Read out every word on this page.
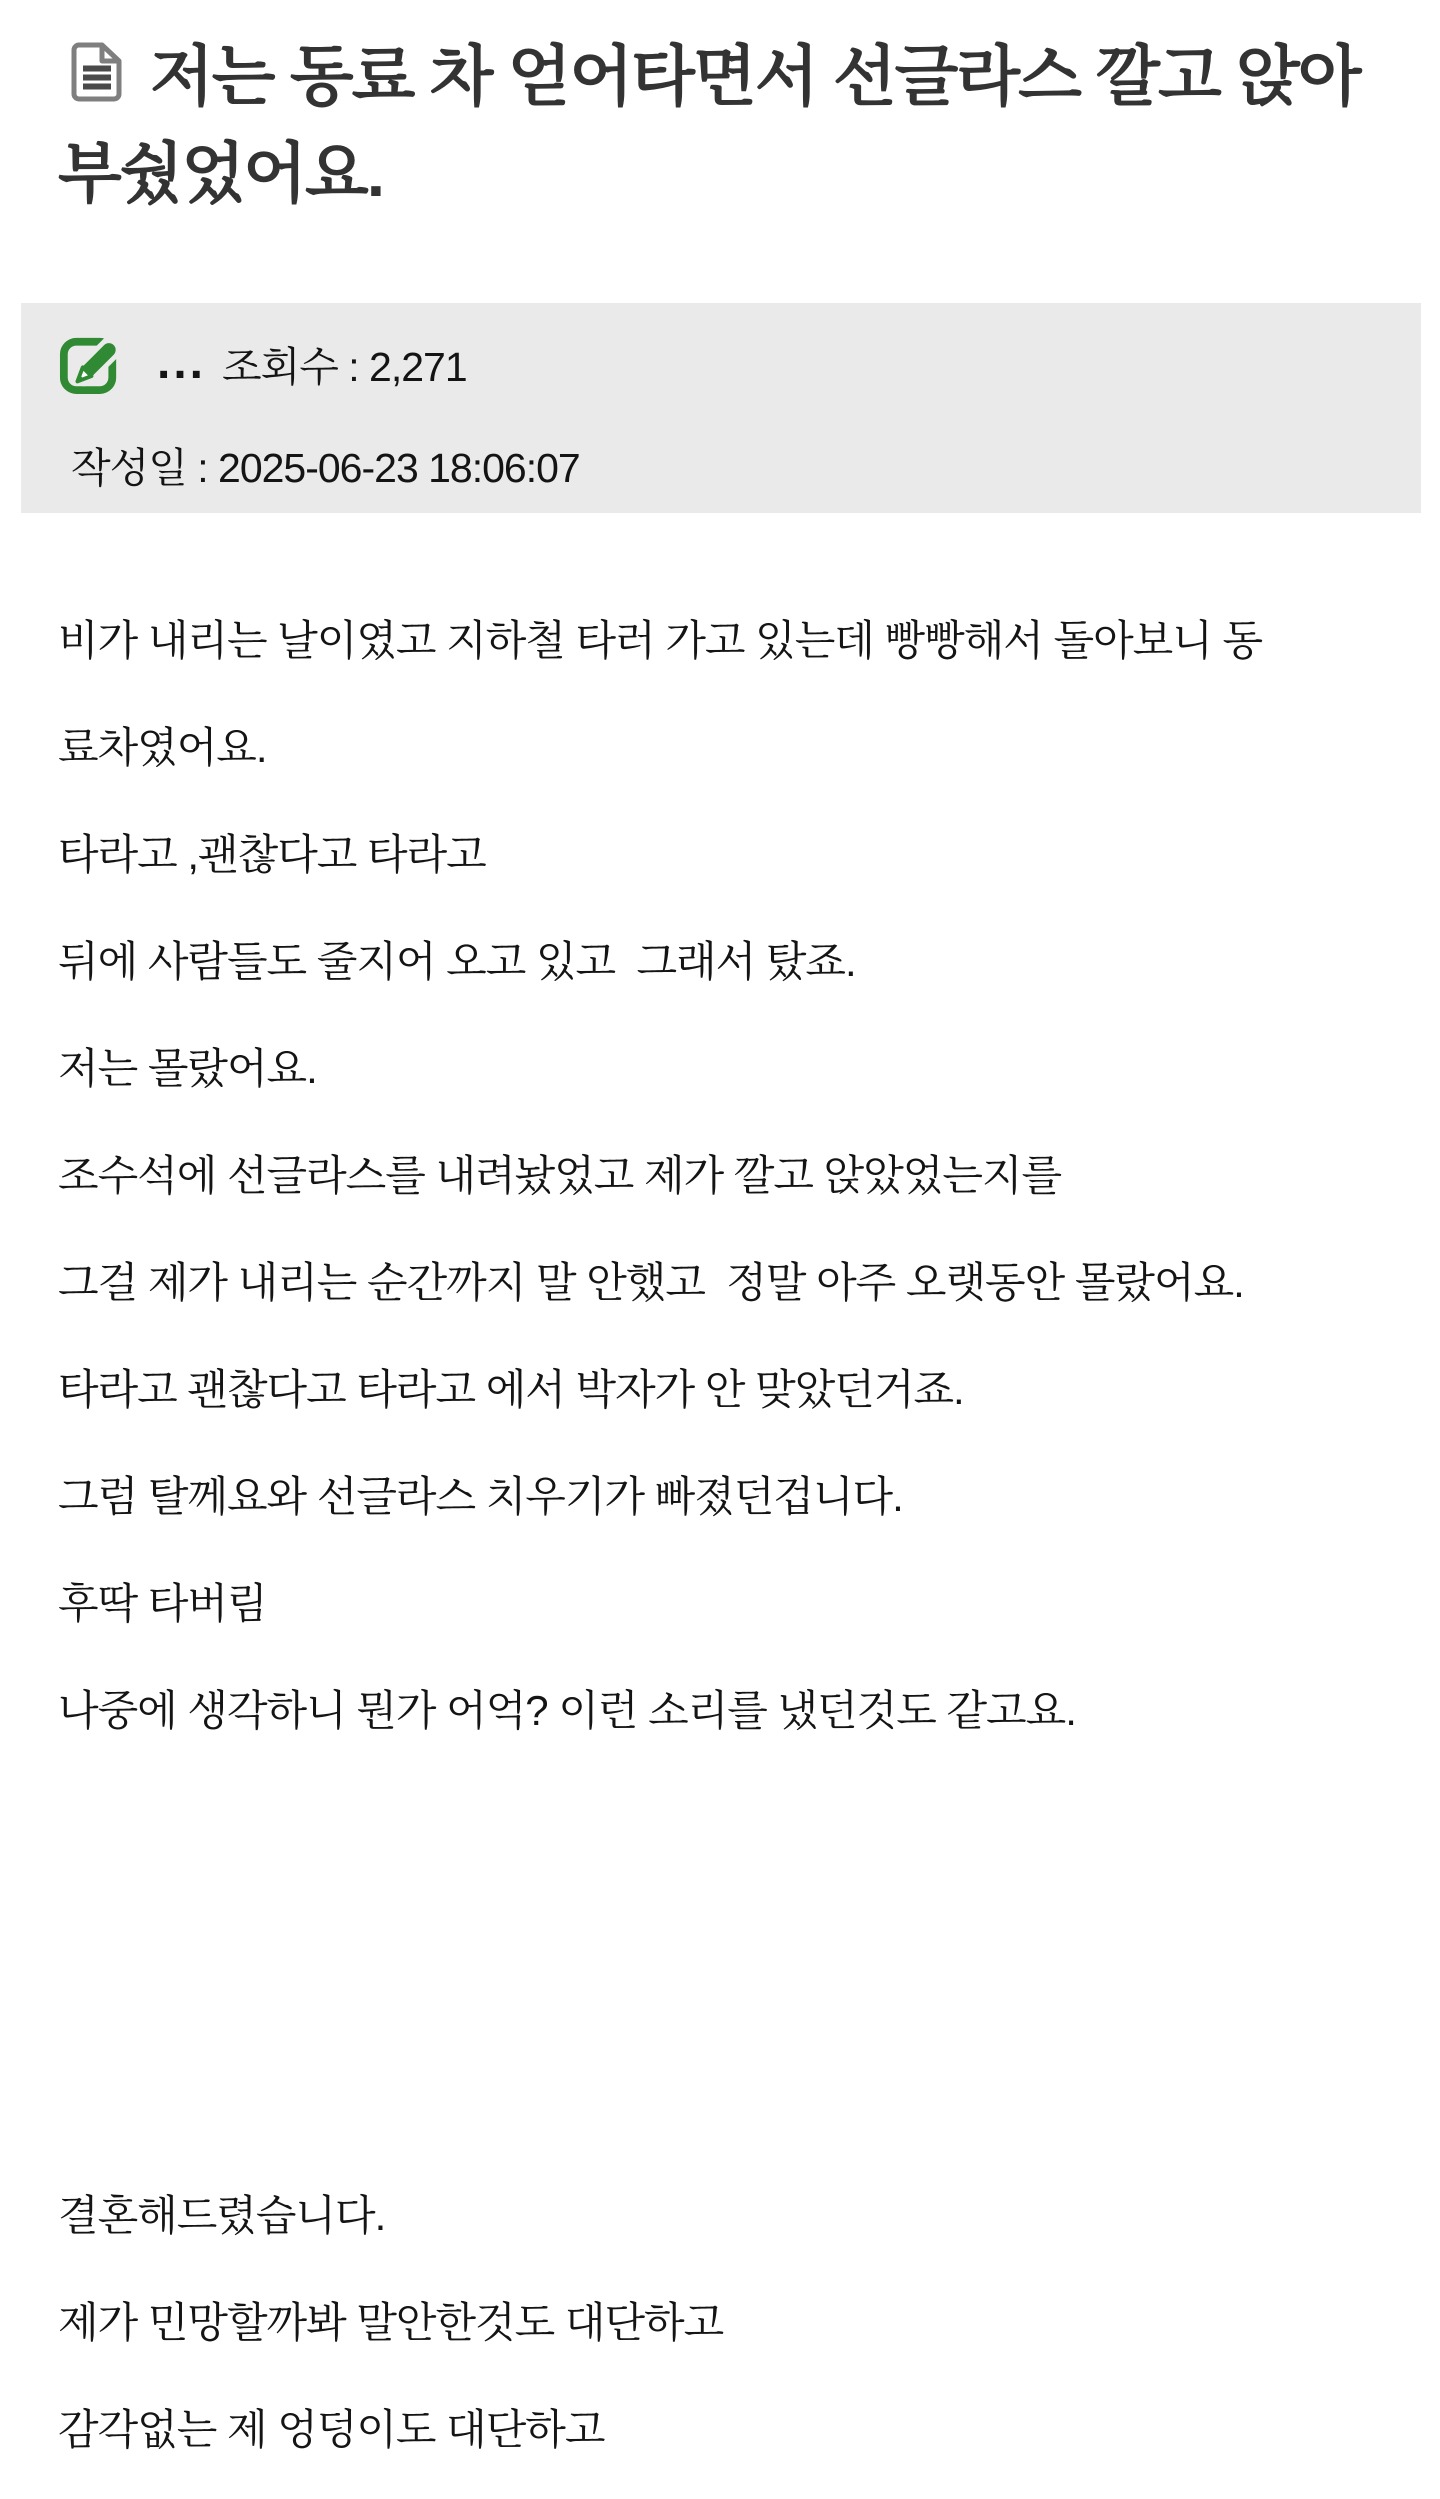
저는 동료 차 얻어타면서 선글라스 깔고 앉아 부쉈었어요.
... 조회수 : 2,271
작성일 : 2025-06-23 18:06:07

비가 내리는 날이였고 지하철 타러 가고 있는데 빵빵해서 돌아보니 동

료차였어요.

타라고 ,괜찮다고 타라고

뒤에 사람들도 줄지어 오고 있고  그래서 탔죠.

저는 몰랐어요.

조수석에 선글라스를 내려놨었고 제가 깔고 앉았었는지를

그걸 제가 내리는 순간까지 말 안했고  정말 아주 오랫동안 몰랐어요.

타라고 괜찮다고 타라고 에서 박자가 안 맞았던거죠.

그럼 탈께요와 선글라스 치우기가 빠졌던겁니다.

후딱 타버림

나중에 생각하니 뭔가 어억? 이런 소리를 냈던것도 같고요.

결혼해드렸습니다.

제가 민망할까봐 말안한것도 대단하고

감각없는 제 엉덩이도 대단하고
